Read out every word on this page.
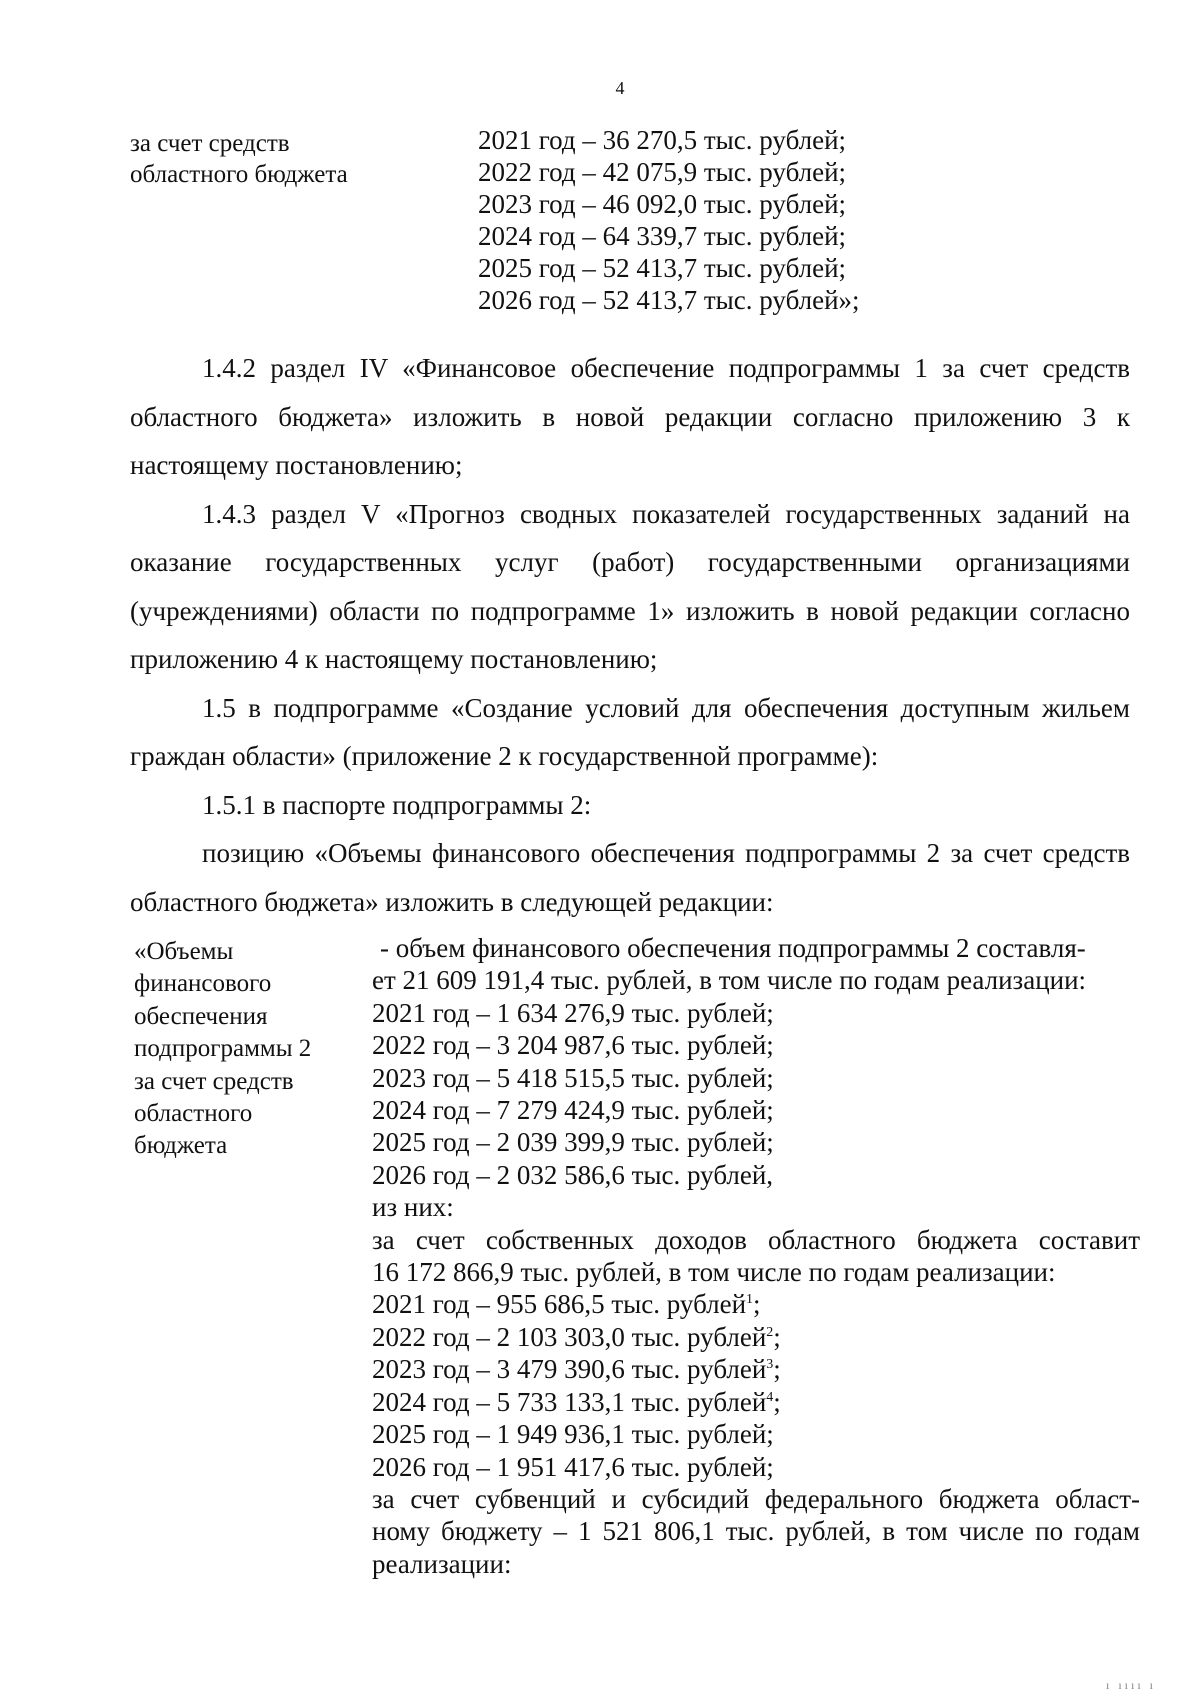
4
за счет средств
областного бюджета
2021 год – 36 270,5 тыс. рублей;
2022 год – 42 075,9 тыс. рублей;
2023 год – 46 092,0 тыс. рублей;
2024 год – 64 339,7 тыс. рублей;
2025 год – 52 413,7 тыс. рублей;
2026 год – 52 413,7 тыс. рублей»;

1.4.2 раздел IV «Финансовое обеспечение подпрограммы 1 за счет средств областного бюджета» изложить в новой редакции согласно приложению 3 к настоящему постановлению;

1.4.3 раздел V «Прогноз сводных показателей государственных заданий на оказание государственных услуг (работ) государственными организациями (учреждениями) области по подпрограмме 1» изложить в новой редакции согласно приложению 4 к настоящему постановлению;

1.5 в подпрограмме «Создание условий для обеспечения доступным жильем граждан области» (приложение 2 к государственной программе):

1.5.1 в паспорте подпрограммы 2:

позицию «Объемы финансового обеспечения подпрограммы 2 за счет средств областного бюджета» изложить в следующей редакции:

«Объемы
финансового
обеспечения
подпрограммы 2
за счет средств
областного
бюджета
- объем финансового обеспечения подпрограммы 2 составля-
ет 21 609 191,4 тыс. рублей, в том числе по годам реализации:
2021 год – 1 634 276,9 тыс. рублей;
2022 год – 3 204 987,6 тыс. рублей;
2023 год – 5 418 515,5 тыс. рублей;
2024 год – 7 279 424,9 тыс. рублей;
2025 год – 2 039 399,9 тыс. рублей;
2026 год – 2 032 586,6 тыс. рублей,
из них:
за счет собственных доходов областного бюджета составит
16 172 866,9 тыс. рублей, в том числе по годам реализации:
2021 год – 955 686,5 тыс. рублей$^1$;
2022 год – 2 103 303,0 тыс. рублей$^2$;
2023 год – 3 479 390,6 тыс. рублей$^3$;
2024 год – 5 733 133,1 тыс. рублей$^4$;
2025 год – 1 949 936,1 тыс. рублей;
2026 год – 1 951 417,6 тыс. рублей;
за счет субвенций и субсидий федерального бюджета област-
ному бюджету – 1 521 806,1 тыс. рублей, в том числе по годам
реализации:
ı ıııı ı
